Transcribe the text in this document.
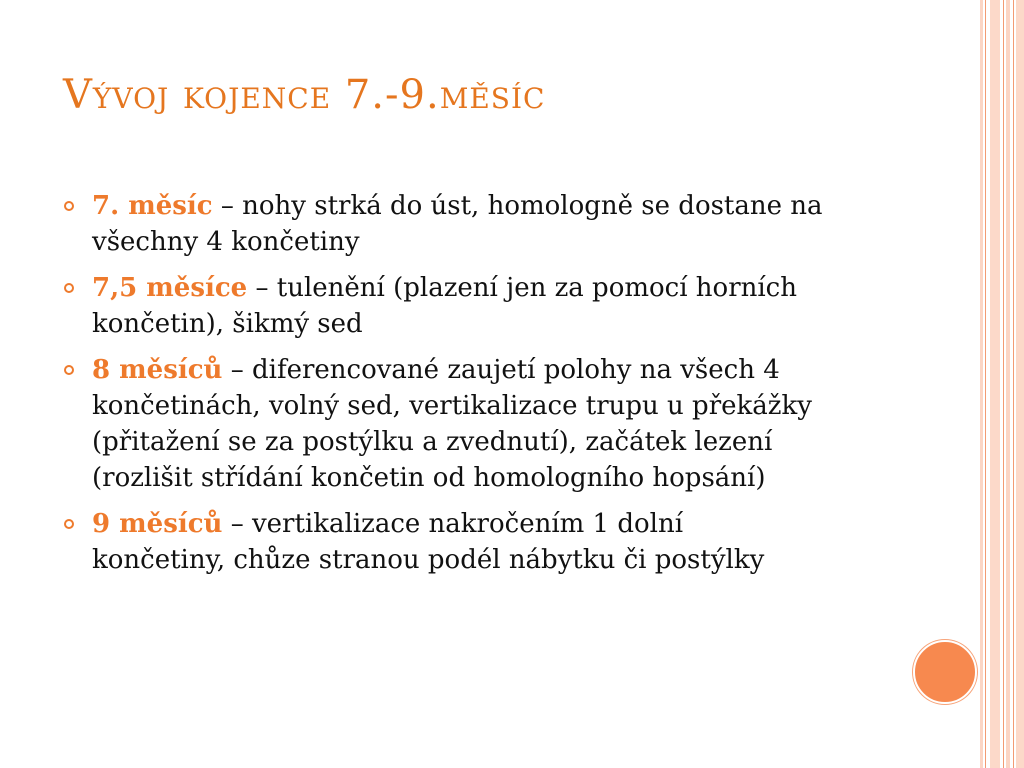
Vývoj kojence 7.-9.měsíc
7. měsíc – nohy strká do úst, homologně se dostane na všechny 4 končetiny
7,5 měsíce – tulenění (plazení jen za pomocí horních končetin), šikmý sed
8 měsíců – diferencované zaujetí polohy na všech 4 končetinách, volný sed, vertikalizace trupu u překážky (přitažení se za postýlku a zvednutí), začátek lezení (rozlišit střídání končetin od homologního hopsání)
9 měsíců – vertikalizace nakročením 1 dolní končetiny, chůze stranou podél nábytku či postýlky
